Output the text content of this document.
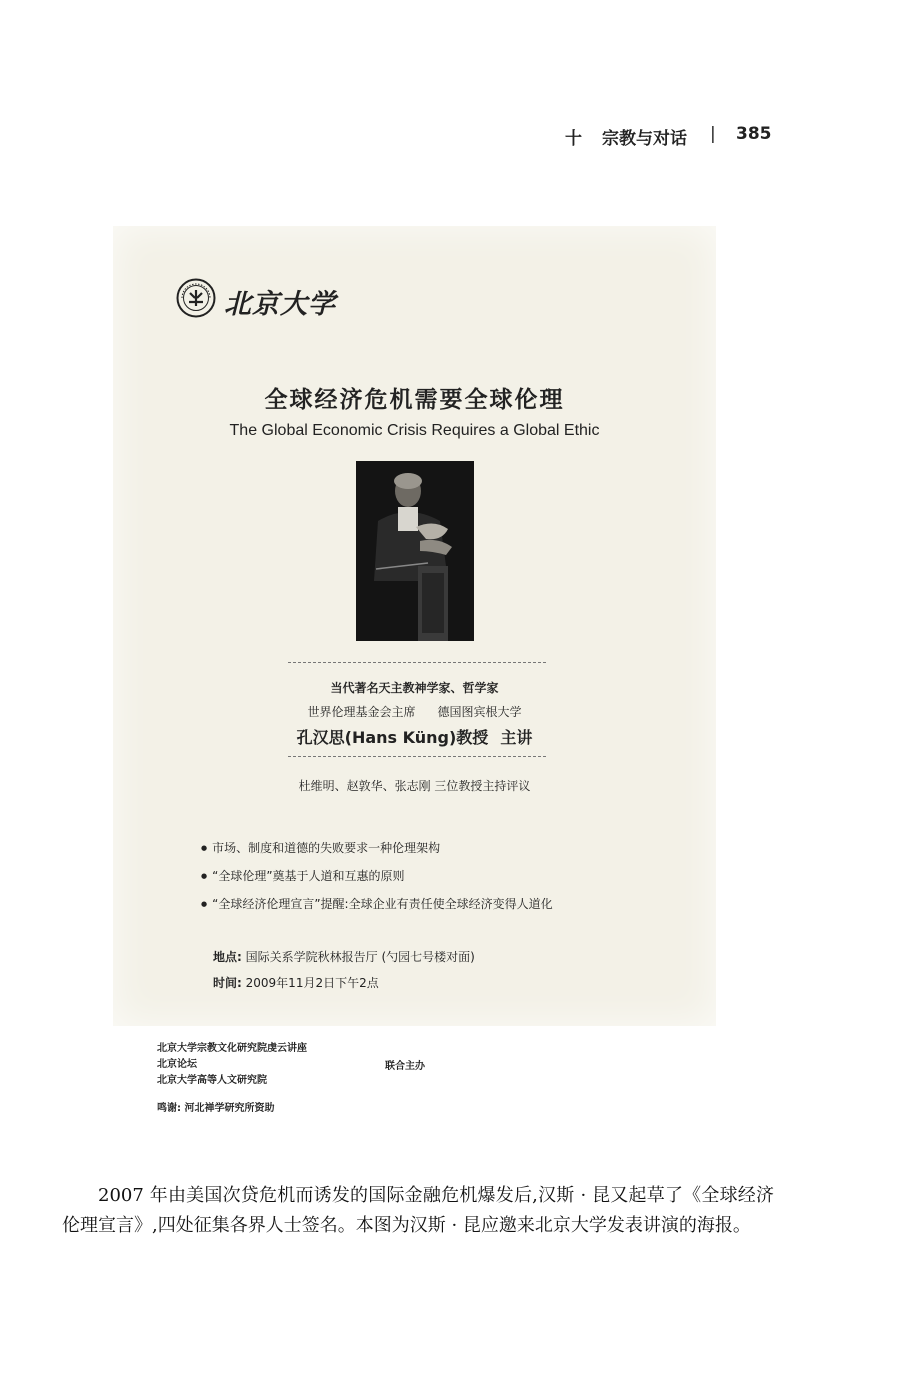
十 宗教与对话 | 385
北京大学
全球经济危机需要全球伦理
The Global Economic Crisis Requires a Global Ethic
当代著名天主教神学家、哲学家
世界伦理基金会主席 德国图宾根大学
孔汉思(Hans Küng)教授 主讲
杜维明、赵敦华、张志刚 三位教授主持评议
● 市场、制度和道德的失败要求一种伦理架构
● “全球伦理”奠基于人道和互惠的原则
● “全球经济伦理宣言”提醒:全球企业有责任使全球经济变得人道化
地点: 国际关系学院秋林报告厅 (勺园七号楼对面)
时间: 2009年11月2日下午2点
北京大学宗教文化研究院虔云讲座
北京论坛
北京大学高等人文研究院
联合主办
鸣谢: 河北禅学研究所资助
2007 年由美国次贷危机而诱发的国际金融危机爆发后,汉斯 · 昆又起草了《全球经济伦理宣言》,四处征集各界人士签名。本图为汉斯 · 昆应邀来北京大学发表讲演的海报。
